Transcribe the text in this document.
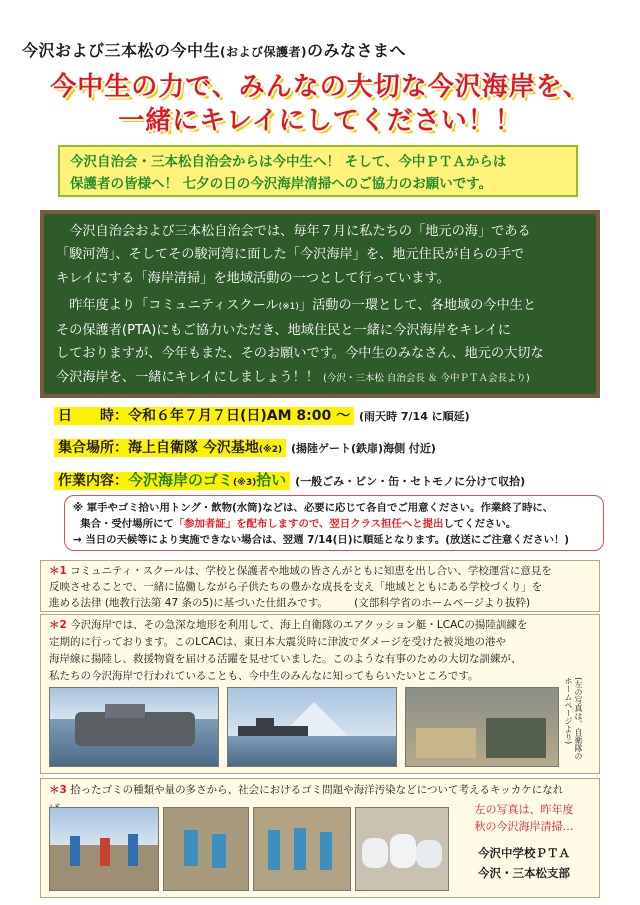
今沢および三本松の今中生(および保護者)のみなさまへ
今中生の力で、みんなの大切な今沢海岸を、
一緒にキレイにしてください！！
今沢自治会・三本松自治会からは今中生へ！ そして、今中ＰＴＡからは
保護者の皆様へ！ 七夕の日の今沢海岸清掃へのご協力のお願いです。

今沢自治会および三本松自治会では、毎年７月に私たちの「地元の海」である

「駿河湾」、そしてその駿河湾に面した「今沢海岸」を、地元住民が自らの手で
キレイにする「海岸清掃」を地域活動の一つとして行っています。

昨年度より「コミュニティスクール(※1)」活動の一環として、各地域の今中生と

その保護者(PTA)にもご協力いただき、地域住民と一緒に今沢海岸をキレイに
しておりますが、今年もまた、そのお願いです。今中生のみなさん、地元の大切な
今沢海岸を、一緒にキレイにしましょう！！ (今沢・三本松 自治会長 ＆ 今中ＰＴＡ会長より)
日　　時：令和６年７月７日(日)AM 8:00 ～ (雨天時 7/14 に順延)
集合場所：海上自衛隊 今沢基地(※2) (揚陸ゲート(鉄扉)海側 付近)
作業内容：今沢海岸のゴミ(※3)拾い (一般ごみ・ビン・缶・セトモノに分けて収拾)
※ 軍手やゴミ拾い用トング・飲物(水筒)などは、必要に応じて各自でご用意ください。作業終了時に、
集合・受付場所にて「参加者証」を配布しますので、翌日クラス担任へと提出してください。
→ 当日の天候等により実施できない場合は、翌週 7/14(日)に順延となります。(放送にご注意ください！)
＊1 コミュニティ・スクールは、学校と保護者や地域の皆さんがともに知恵を出し合い、学校運営に意見を
反映させることで、一緒に協働しながら子供たちの豊かな成長を支え「地域とともにある学校づくり」を
進める法律 (地教行法第 47 条の5)に基づいた仕組みです。　　　	(文部科学省のホームページより抜粋)
＊2 今沢海岸では、その急深な地形を利用して、海上自衛隊のエアクッション艇・LCACの揚陸訓練を
定期的に行っております。このLCACは、東日本大震災時に津波でダメージを受けた被災地の港や
海岸線に揚陸し、救援物資を届ける活躍を見せていました。このような有事のための大切な訓練が、
私たちの今沢海岸で行われていることも、今中生のみんなに知ってもらいたいところです。
(左の写真は、自衛隊のホームページより)
＊3 拾ったゴミの種類や量の多さから、社会におけるゴミ問題や海洋汚染などについて考えるキッカケになれ
左の写真は、昨年度
秋の今沢海岸清掃…
今沢中学校ＰＴＡ
今沢・三本松支部
